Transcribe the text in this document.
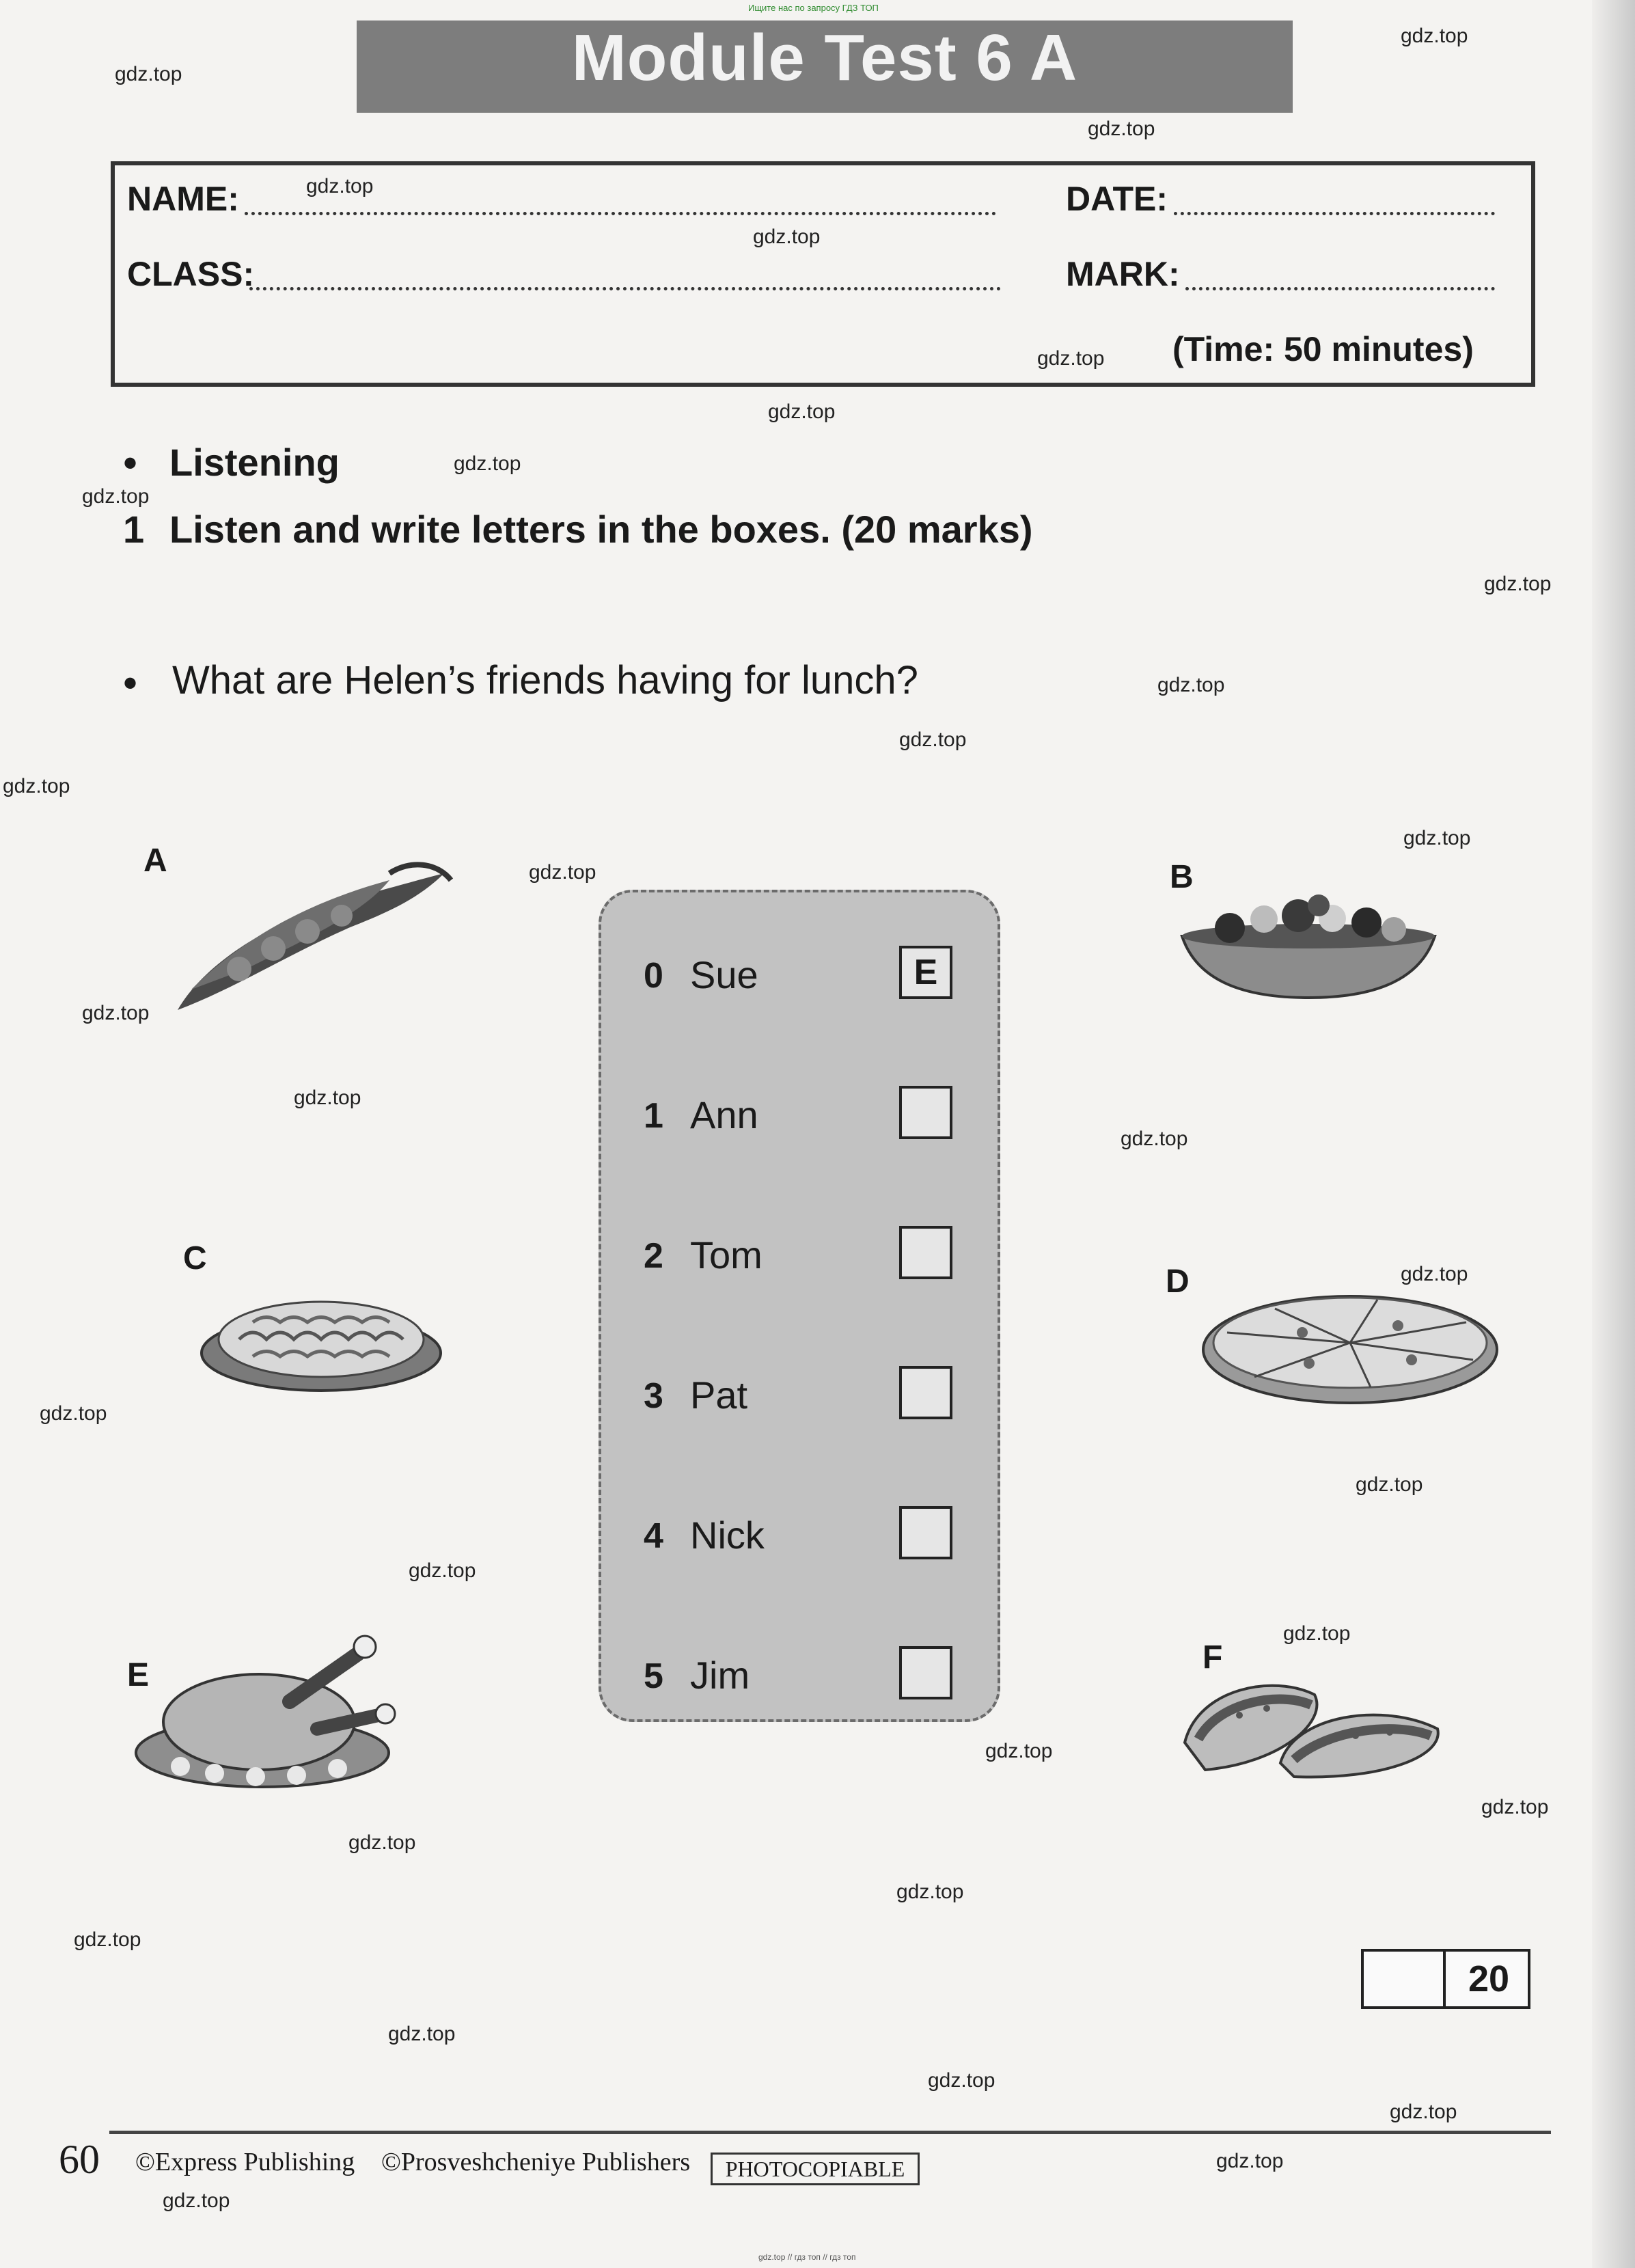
Ищите нас по запросу ГДЗ ТОП
Module Test 6 A
NAME:	DATE:
CLASS:	MARK:
(Time: 50 minutes)
• Listening
1 Listen and write letters in the boxes. (20 marks)
• What are Helen’s friends having for lunch?
A	B
C
D
E	F
0 Sue	E
1 Ann
2 Tom
3 Pat
4 Nick
5 Jim
20
60 ©Express Publishing ©Prosveshcheniye Publishers	PHOTOCOPIABLE
gdz.top // гдз топ // гдз топ
gdz.top
gdz.top
gdz.top
gdz.top
gdz.top
gdz.top
gdz.top
gdz.top
gdz.top
gdz.top
gdz.top
gdz.top
gdz.top
gdz.top
gdz.top
gdz.top
gdz.top
gdz.top
gdz.top
gdz.top
gdz.top
gdz.top
gdz.top
gdz.top
gdz.top
gdz.top
gdz.top
gdz.top
gdz.top
gdz.top
gdz.top
gdz.top
gdz.top
